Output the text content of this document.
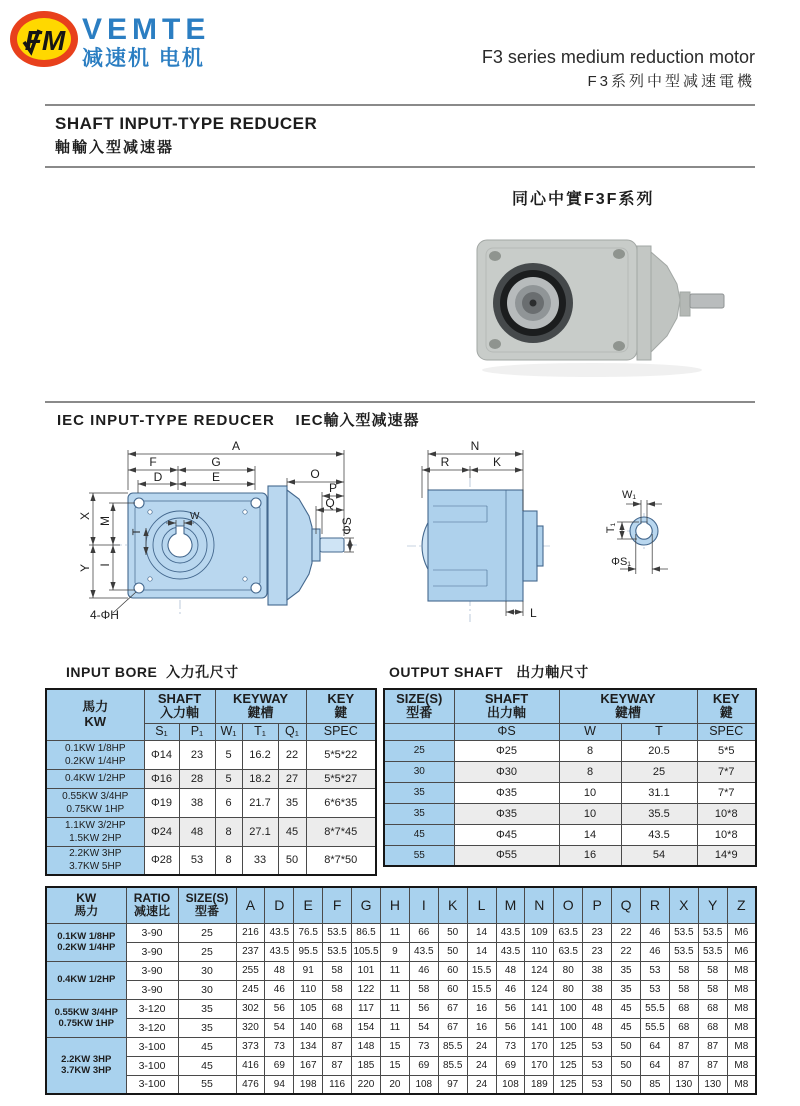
FM VEMTE
减速机 电机	F3 series medium reduction motor
F3系列中型减速電機
SHAFT INPUT-TYPE REDUCER
軸輸入型减速器
同心中實F3F系列
IEC INPUT-TYPE REDUCER IEC輸入型减速器
A
F	G
D	E	O
P
Q
ΦS
X M
Y I
W
T
4-ΦH
N
R	K
L
W₁
T₁
ΦS₁
INPUT BORE 入力孔尺寸	OUTPUT SHAFT 出力軸尺寸
馬力
KW

SHAFT
入力軸

KEYWAY
鍵槽

KEY
鍵

	S₁	P₁	W₁	T₁	Q₁	SPEC

0.1KW 1/8HP
0.2KW 1/4HP	Φ14	23	5	16.2	22	5*5*22

0.4KW 1/2HP	Φ16	28	5	18.2	27	5*5*27

0.55KW 3/4HP
0.75KW 1HP	Φ19	38	6	21.7	35	6*6*35

1.1KW 3/2HP
1.5KW 2HP	Φ24	48	8	27.1	45	8*7*45

2.2KW 3HP
3.7KW 5HP	Φ28	53	8	33	50	8*7*50
SIZE(S)
型番

SHAFT
出力軸

KEYWAY
鍵槽

KEY
鍵

	ΦS	W	T	SPEC
25	Φ25	8	20.5	5*5
30	Φ30	8	25	7*7
35	Φ35	10	31.1	7*7
35	Φ35	10	35.5	10*8
45	Φ45	14	43.5	10*8
55	Φ55	16	54	14*9
KW
馬力

RATIO
减速比

SIZE(S)
型番	A	D	E	F	G	H	I	K	L	M	N	O	P	Q	R	X	Y	Z

0.1KW 1/8HP
0.2KW 1/4HP	3-90	25	216	43.5	76.5	53.5	86.5	11	66	50	14	43.5	109	63.5	23	22	46	53.5	53.5	M6
	3-90	25	237	43.5	95.5	53.5	105.5	9	43.5	50	14	43.5	110	63.5	23	22	46	53.5	53.5	M6

0.4KW 1/2HP	3-90	30	255	48	91	58	101	11	46	60	15.5	48	124	80	38	35	53	58	58	M8
	3-90	30	245	46	110	58	122	11	58	60	15.5	46	124	80	38	35	53	58	58	M8

0.55KW 3/4HP
0.75KW 1HP	3-120	35	302	56	105	68	117	11	56	67	16	56	141	100	48	45	55.5	68	68	M8
	3-120	35	320	54	140	68	154	11	54	67	16	56	141	100	48	45	55.5	68	68	M8

2.2KW 3HP
3.7KW 3HP	3-100	45	373	73	134	87	148	15	73	85.5	24	73	170	125	53	50	64	87	87	M8
	3-100	45	416	69	167	87	185	15	69	85.5	24	69	170	125	53	50	64	87	87	M8
	3-100	55	476	94	198	116	220	20	108	97	24	108	189	125	53	50	85	130	130	M8
